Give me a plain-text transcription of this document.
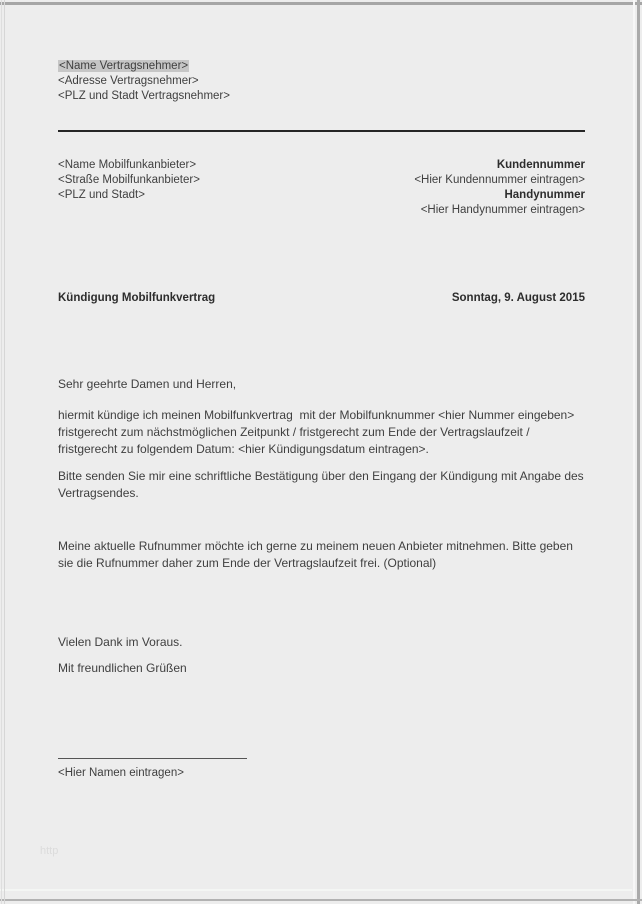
<Name Vertragsnehmer>
<Adresse Vertragsnehmer>
<PLZ und Stadt Vertragsnehmer>
<Name Mobilfunkanbieter>
<Straße Mobilfunkanbieter>
<PLZ und Stadt>
Kundennummer
<Hier Kundennummer eintragen>
Handynummer
<Hier Handynummer eintragen>
Kündigung Mobilfunkvertrag	Sonntag, 9. August 2015
Sehr geehrte Damen und Herren,
hiermit kündige ich meinen Mobilfunkvertrag  mit der Mobilfunknummer <hier Nummer eingeben> fristgerecht zum nächstmöglichen Zeitpunkt / fristgerecht zum Ende der Vertragslaufzeit / fristgerecht zu folgendem Datum: <hier Kündigungsdatum eintragen>.
Bitte senden Sie mir eine schriftliche Bestätigung über den Eingang der Kündigung mit Angabe des Vertragsendes.
Meine aktuelle Rufnummer möchte ich gerne zu meinem neuen Anbieter mitnehmen. Bitte geben sie die Rufnummer daher zum Ende der Vertragslaufzeit frei. (Optional)
Vielen Dank im Voraus.
Mit freundlichen Grüßen
<Hier Namen eintragen>
http
